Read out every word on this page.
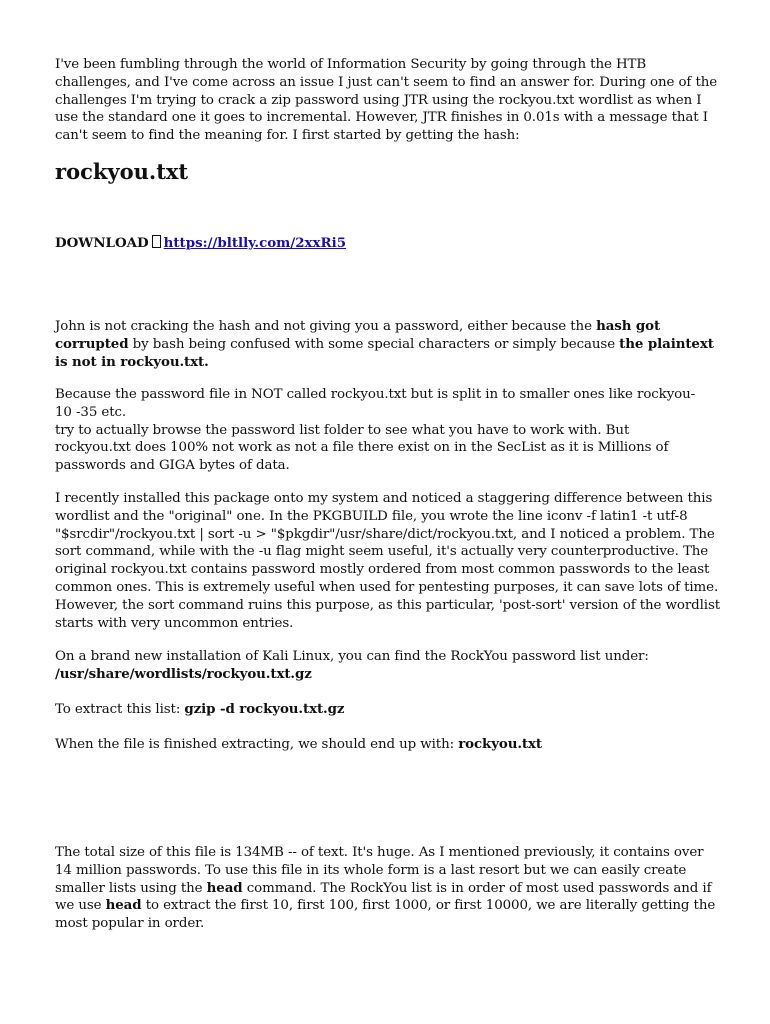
I've been fumbling through the world of Information Security by going through the HTB challenges, and I've come across an issue I just can't seem to find an answer for. During one of the challenges I'm trying to crack a zip password using JTR using the rockyou.txt wordlist as when I use the standard one it goes to incremental. However, JTR finishes in 0.01s with a message that I can't seem to find the meaning for. I first started by getting the hash:

rockyou.txt

DOWNLOAD https://bltlly.com/2xxRi5

John is not cracking the hash and not giving you a password, either because the hash got corrupted by bash being confused with some special characters or simply because the plaintext is not in rockyou.txt.

Because the password file in NOT called rockyou.txt but is split in to smaller ones like rockyou-10 -35 etc.
try to actually browse the password list folder to see what you have to work with. But rockyou.txt does 100% not work as not a file there exist on in the SecList as it is Millions of passwords and GIGA bytes of data.

I recently installed this package onto my system and noticed a staggering difference between this wordlist and the "original" one. In the PKGBUILD file, you wrote the line iconv -f latin1 -t utf-8 "$srcdir"/rockyou.txt | sort -u > "$pkgdir"/usr/share/dict/rockyou.txt, and I noticed a problem. The sort command, while with the -u flag might seem useful, it's actually very counterproductive. The original rockyou.txt contains password mostly ordered from most common passwords to the least common ones. This is extremely useful when used for pentesting purposes, it can save lots of time. However, the sort command ruins this purpose, as this particular, 'post-sort' version of the wordlist starts with very uncommon entries.

On a brand new installation of Kali Linux, you can find the RockYou password list under:
/usr/share/wordlists/rockyou.txt.gz

To extract this list: gzip -d rockyou.txt.gz

When the file is finished extracting, we should end up with: rockyou.txt

The total size of this file is 134MB -- of text. It's huge. As I mentioned previously, it contains over 14 million passwords. To use this file in its whole form is a last resort but we can easily create smaller lists using the head command. The RockYou list is in order of most used passwords and if we use head to extract the first 10, first 100, first 1000, or first 10000, we are literally getting the most popular in order.
